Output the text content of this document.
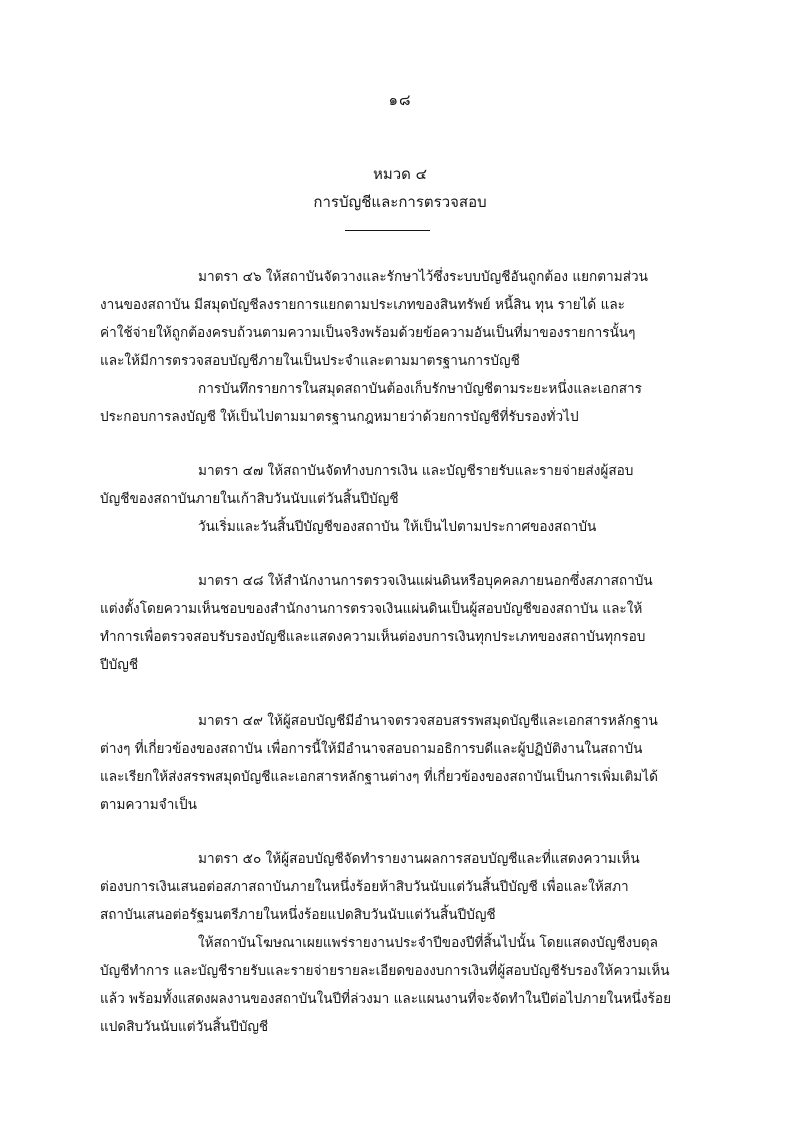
๑๘
หมวด ๔
การบัญชีและการตรวจสอบ
มาตรา ๔๖ ให้สถาบันจัดวางและรักษาไว้ซึ่งระบบบัญชีอันถูกต้อง แยกตามส่วน
งานของสถาบัน มีสมุดบัญชีลงรายการแยกตามประเภทของสินทรัพย์ หนี้สิน ทุน รายได้ และ
ค่าใช้จ่ายให้ถูกต้องครบถ้วนตามความเป็นจริงพร้อมด้วยข้อความอันเป็นที่มาของรายการนั้นๆ
และให้มีการตรวจสอบบัญชีภายในเป็นประจำและตามมาตรฐานการบัญชี
การบันทึกรายการในสมุดสถาบันต้องเก็บรักษาบัญชีตามระยะหนึ่งและเอกสาร
ประกอบการลงบัญชี ให้เป็นไปตามมาตรฐานกฎหมายว่าด้วยการบัญชีที่รับรองทั่วไป
มาตรา ๔๗ ให้สถาบันจัดทำงบการเงิน และบัญชีรายรับและรายจ่ายส่งผู้สอบ
บัญชีของสถาบันภายในเก้าสิบวันนับแต่วันสิ้นปีบัญชี
วันเริ่มและวันสิ้นปีบัญชีของสถาบัน ให้เป็นไปตามประกาศของสถาบัน
มาตรา ๔๘ ให้สำนักงานการตรวจเงินแผ่นดินหรือบุคคลภายนอกซึ่งสภาสถาบัน
แต่งตั้งโดยความเห็นชอบของสำนักงานการตรวจเงินแผ่นดินเป็นผู้สอบบัญชีของสถาบัน และให้
ทำการเพื่อตรวจสอบรับรองบัญชีและแสดงความเห็นต่องบการเงินทุกประเภทของสถาบันทุกรอบ
ปีบัญชี
มาตรา ๔๙ ให้ผู้สอบบัญชีมีอำนาจตรวจสอบสรรพสมุดบัญชีและเอกสารหลักฐาน
ต่างๆ ที่เกี่ยวข้องของสถาบัน เพื่อการนี้ให้มีอำนาจสอบถามอธิการบดีและผู้ปฏิบัติงานในสถาบัน
และเรียกให้ส่งสรรพสมุดบัญชีและเอกสารหลักฐานต่างๆ ที่เกี่ยวข้องของสถาบันเป็นการเพิ่มเติมได้
ตามความจำเป็น
มาตรา ๕๐ ให้ผู้สอบบัญชีจัดทำรายงานผลการสอบบัญชีและที่แสดงความเห็น
ต่องบการเงินเสนอต่อสภาสถาบันภายในหนึ่งร้อยห้าสิบวันนับแต่วันสิ้นปีบัญชี เพื่อและให้สภา
สถาบันเสนอต่อรัฐมนตรีภายในหนึ่งร้อยแปดสิบวันนับแต่วันสิ้นปีบัญชี
ให้สถาบันโฆษณาเผยแพร่รายงานประจำปีของปีที่สิ้นไปนั้น โดยแสดงบัญชีงบดุล
บัญชีทำการ และบัญชีรายรับและรายจ่ายรายละเอียดของงบการเงินที่ผู้สอบบัญชีรับรองให้ความเห็น
แล้ว พร้อมทั้งแสดงผลงานของสถาบันในปีที่ล่วงมา และแผนงานที่จะจัดทำในปีต่อไปภายในหนึ่งร้อย
แปดสิบวันนับแต่วันสิ้นปีบัญชี
